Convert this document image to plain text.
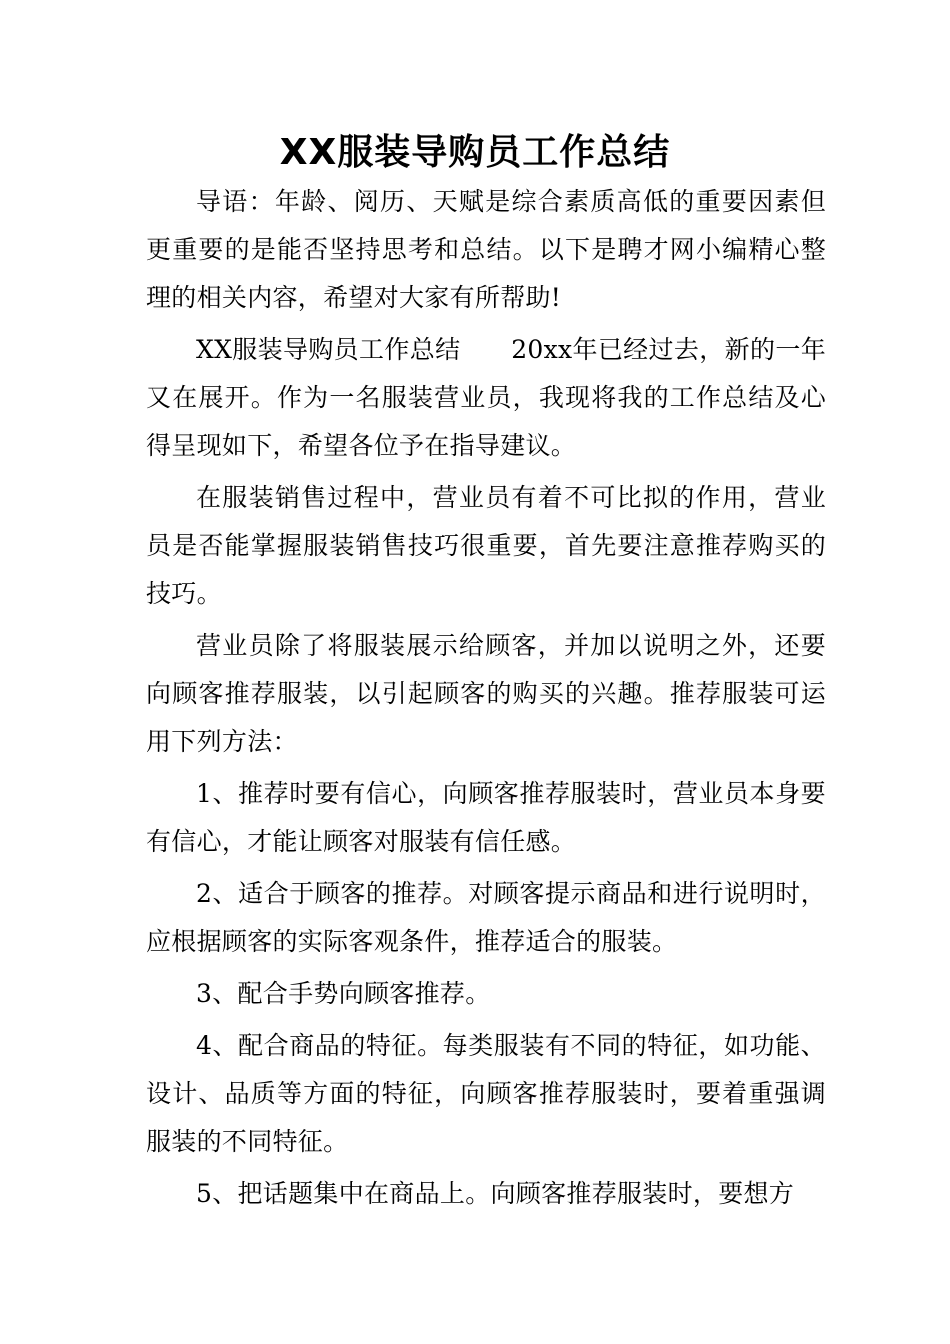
XX服装导购员工作总结

导语：年龄、阅历、天赋是综合素质高低的重要因素但更重要的是能否坚持思考和总结。以下是聘才网小编精心整理的相关内容，希望对大家有所帮助!

XX服装导购员工作总结　　20xx年已经过去，新的一年又在展开。作为一名服装营业员，我现将我的工作总结及心得呈现如下，希望各位予在指导建议。

在服装销售过程中，营业员有着不可比拟的作用，营业员是否能掌握服装销售技巧很重要，首先要注意推荐购买的技巧。

营业员除了将服装展示给顾客，并加以说明之外，还要向顾客推荐服装，以引起顾客的购买的兴趣。推荐服装可运用下列方法：

1、推荐时要有信心，向顾客推荐服装时，营业员本身要有信心，才能让顾客对服装有信任感。

2、适合于顾客的推荐。对顾客提示商品和进行说明时，应根据顾客的实际客观条件，推荐适合的服装。

3、配合手势向顾客推荐。

4、配合商品的特征。每类服装有不同的特征，如功能、设计、品质等方面的特征，向顾客推荐服装时，要着重强调服装的不同特征。

5、把话题集中在商品上。向顾客推荐服装时，要想方
